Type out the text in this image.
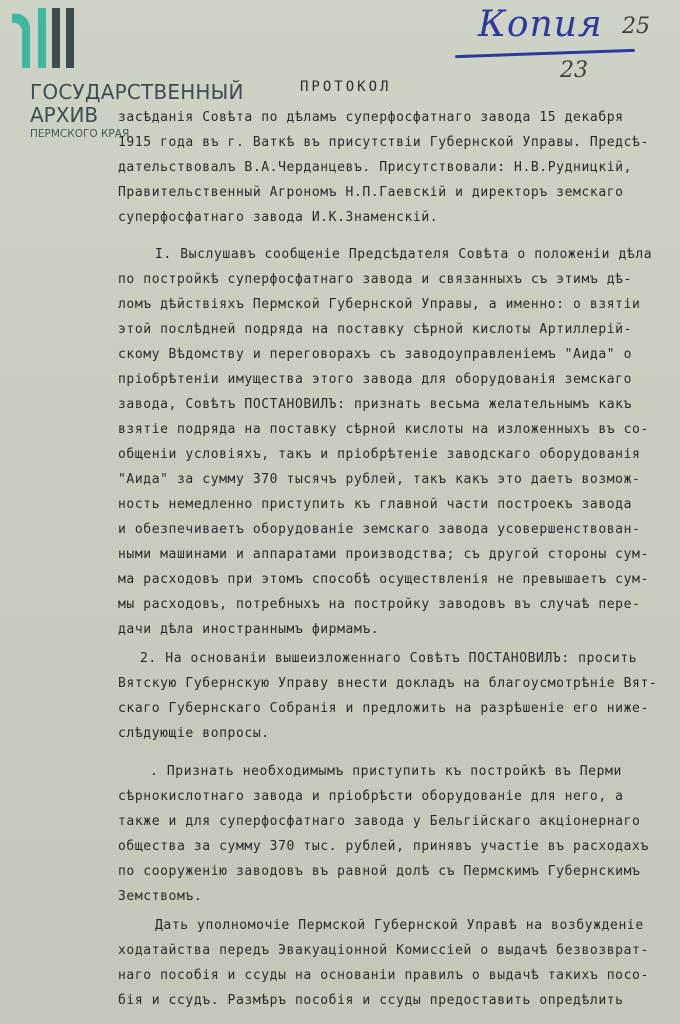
ГОСУДАРСТВЕННЫЙ
АРХИВ
ПЕРМСКОГО КРАЯ
Копия 25
23
ПРОТОКОЛ
засѣданія Совѣта по дѣламъ суперфосфатнаго завода 15 декабря
1915 года въ г. Ваткѣ въ присутствіи Губернской Управы. Предсѣ-
дательствовалъ В.А.Черданцевъ. Присутствовали: Н.В.Рудницкій,
Правительственный Агрономъ Н.П.Гаевскій и директоръ земскаго
суперфосфатнаго завода И.К.Знаменскій.
I. Выслушавъ сообщеніе Предсѣдателя Совѣта о положеніи дѣла
по постройкѣ суперфосфатнаго завода и связанныхъ съ этимъ дѣ-
ломъ дѣйствіяхъ Пермской Губернской Управы, а именно: о взятіи
этой послѣдней подряда на поставку сѣрной кислоты Артиллерій-
скому Вѣдомству и переговорахъ съ заводоуправленіемъ "Аида" о
пріобрѣтеніи имущества этого завода для оборудованія земскаго
завода, Совѣтъ ПОСТАНОВИЛЪ: признать весьма желательнымъ какъ
взятіе подряда на поставку сѣрной кислоты на изложенныхъ въ со-
общеніи условіяхъ, такъ и пріобрѣтеніе заводскаго оборудованія
"Аида" за сумму 370 тысячъ рублей, такъ какъ это даетъ возмож-
ность немедленно приступить къ главной части построекъ завода
и обезпечиваетъ оборудованіе земскаго завода усовершенствован-
ными машинами и аппаратами производства; съ другой стороны сум-
ма расходовъ при этомъ способѣ осуществленія не превышаетъ сум-
мы расходовъ, потребныхъ на постройку заводовъ въ случаѣ пере-
дачи дѣла иностраннымъ фирмамъ.
2. На основаніи вышеизложеннаго Совѣтъ ПОСТАНОВИЛЪ: просить
Вятскую Губернскую Управу внести докладъ на благоусмотрѣніе Вят-
скаго Губернскаго Собранія и предложить на разрѣшеніе его ниже-
слѣдующіе вопросы.
. Признать необходимымъ приступить къ постройкѣ въ Перми
сѣрнокислотнаго завода и пріобрѣсти оборудованіе для него, а
также и для суперфосфатнаго завода у Бельгійскаго акціонернаго
общества за сумму 370 тыс. рублей, принявъ участіе въ расходахъ
по сооруженію заводовъ въ равной долѣ съ Пермскимъ Губернскимъ
Земствомъ.
Дать уполномочіе Пермской Губернской Управѣ на возбужденіе
ходатайства передъ Эвакуаціонной Комиссіей о выдачѣ безвозврат-
наго пособія и ссуды на основаніи правилъ о выдачѣ такихъ посо-
бія и ссудъ. Размѣръ пособія и ссуды предоставить опредѣлить
